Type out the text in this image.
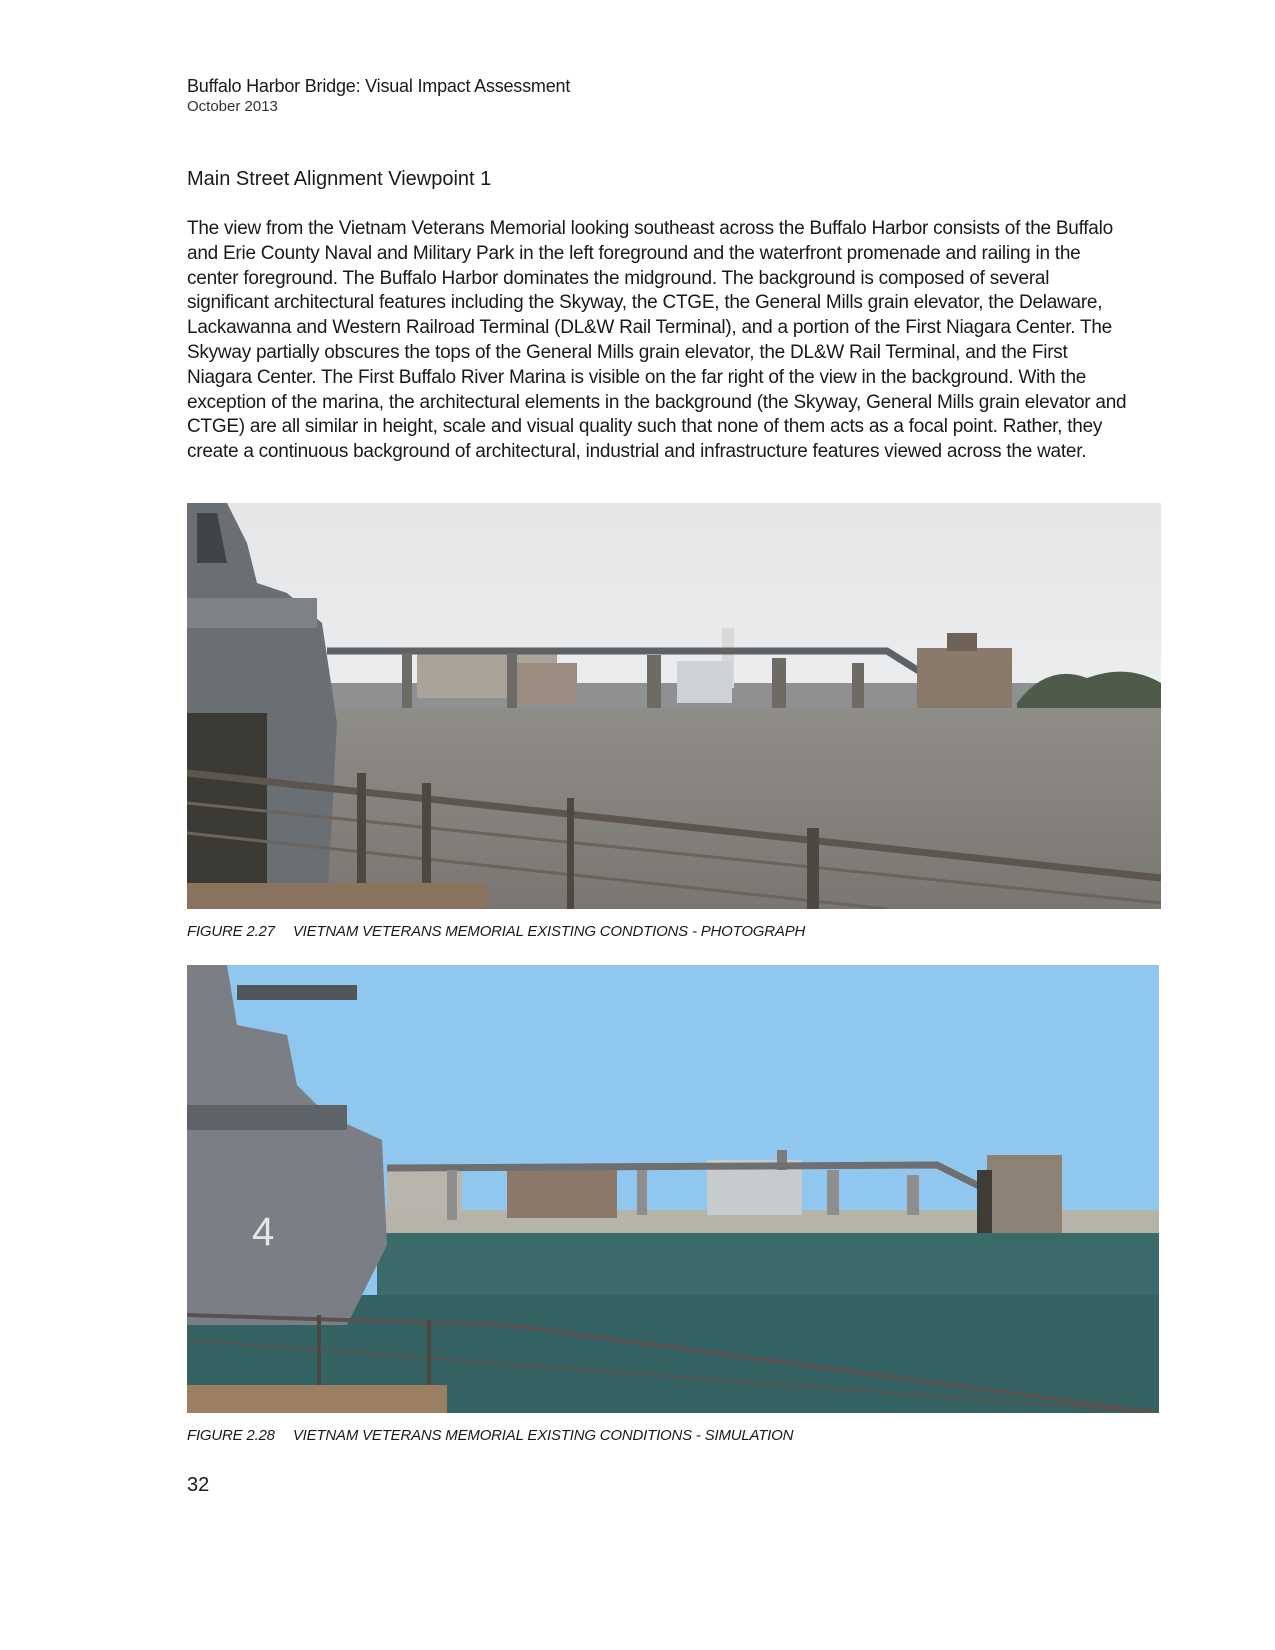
Buffalo Harbor Bridge: Visual Impact Assessment
October 2013
Main Street Alignment Viewpoint 1
The view from the Vietnam Veterans Memorial looking southeast across the Buffalo Harbor consists of the Buffalo and Erie County Naval and Military Park in the left foreground and the waterfront promenade and railing in the center foreground. The Buffalo Harbor dominates the midground. The background is composed of several significant architectural features including the Skyway, the CTGE, the General Mills grain elevator, the Delaware, Lackawanna and Western Railroad Terminal (DL&W Rail Terminal), and a portion of the First Niagara Center. The Skyway partially obscures the tops of the General Mills grain elevator, the DL&W Rail Terminal, and the First Niagara Center. The First Buffalo River Marina is visible on the far right of the view in the background. With the exception of the marina, the architectural elements in the background (the Skyway, General Mills grain elevator and CTGE) are all similar in height, scale and visual quality such that none of them acts as a focal point. Rather, they create a continuous background of architectural, industrial and infrastructure features viewed across the water.
FIGURE 2.27 VIETNAM VETERANS MEMORIAL EXISTING CONDTIONS - PHOTOGRAPH
4
FIGURE 2.28 VIETNAM VETERANS MEMORIAL EXISTING CONDITIONS - SIMULATION
32
